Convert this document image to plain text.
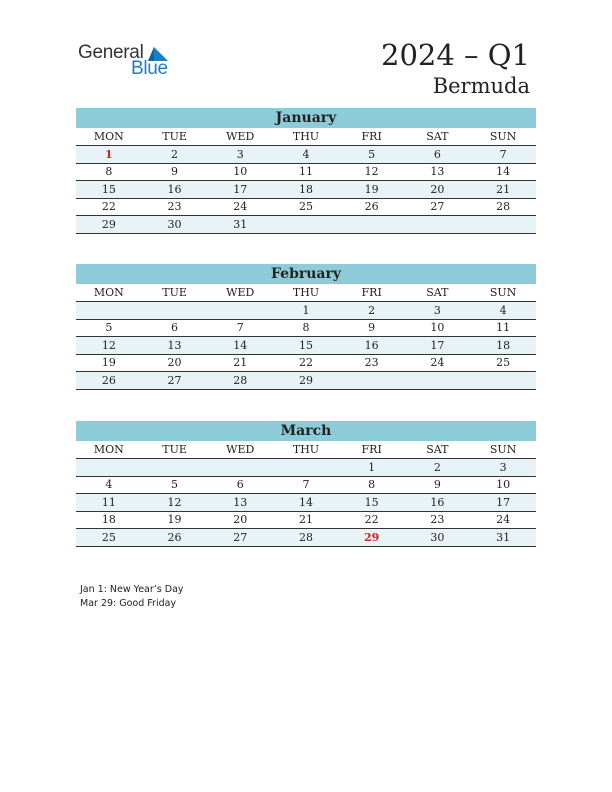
General
Blue	2024 – Q1
Bermuda
January
MON	TUE	WED	THU	FRI	SAT	SUN
1	2	3	4	5	6	7
8	9	10	11	12	13	14
15	16	17	18	19	20	21
22	23	24	25	26	27	28
29	30	31				
February
MON	TUE	WED	THU	FRI	SAT	SUN
			1	2	3	4
5	6	7	8	9	10	11
12	13	14	15	16	17	18
19	20	21	22	23	24	25
26	27	28	29			
March
MON	TUE	WED	THU	FRI	SAT	SUN
				1	2	3
4	5	6	7	8	9	10
11	12	13	14	15	16	17
18	19	20	21	22	23	24
25	26	27	28	29	30	31
Jan 1: New Year’s Day
Mar 29: Good Friday
